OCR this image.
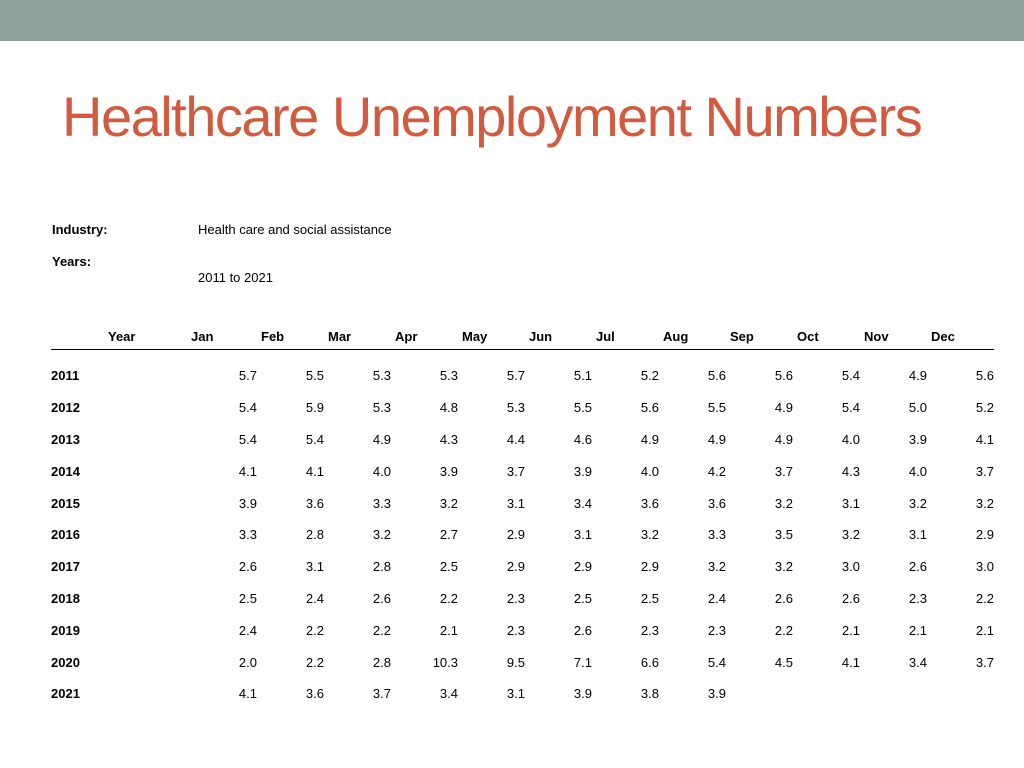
Healthcare Unemployment Numbers
Industry:	Health care and social assistance
Years:
2011 to 2021
Year	Jan	Feb	Mar	Apr	May	Jun	Jul	Aug	Sep	Oct	Nov	Dec
2011	5.7	5.5	5.3	5.3	5.7	5.1	5.2	5.6	5.6	5.4	4.9	5.6
2012	5.4	5.9	5.3	4.8	5.3	5.5	5.6	5.5	4.9	5.4	5.0	5.2
2013	5.4	5.4	4.9	4.3	4.4	4.6	4.9	4.9	4.9	4.0	3.9	4.1
2014	4.1	4.1	4.0	3.9	3.7	3.9	4.0	4.2	3.7	4.3	4.0	3.7
2015	3.9	3.6	3.3	3.2	3.1	3.4	3.6	3.6	3.2	3.1	3.2	3.2
2016	3.3	2.8	3.2	2.7	2.9	3.1	3.2	3.3	3.5	3.2	3.1	2.9
2017	2.6	3.1	2.8	2.5	2.9	2.9	2.9	3.2	3.2	3.0	2.6	3.0
2018	2.5	2.4	2.6	2.2	2.3	2.5	2.5	2.4	2.6	2.6	2.3	2.2
2019	2.4	2.2	2.2	2.1	2.3	2.6	2.3	2.3	2.2	2.1	2.1	2.1
2020	2.0	2.2	2.8	10.3	9.5	7.1	6.6	5.4	4.5	4.1	3.4	3.7
2021	4.1	3.6	3.7	3.4	3.1	3.9	3.8	3.9				
